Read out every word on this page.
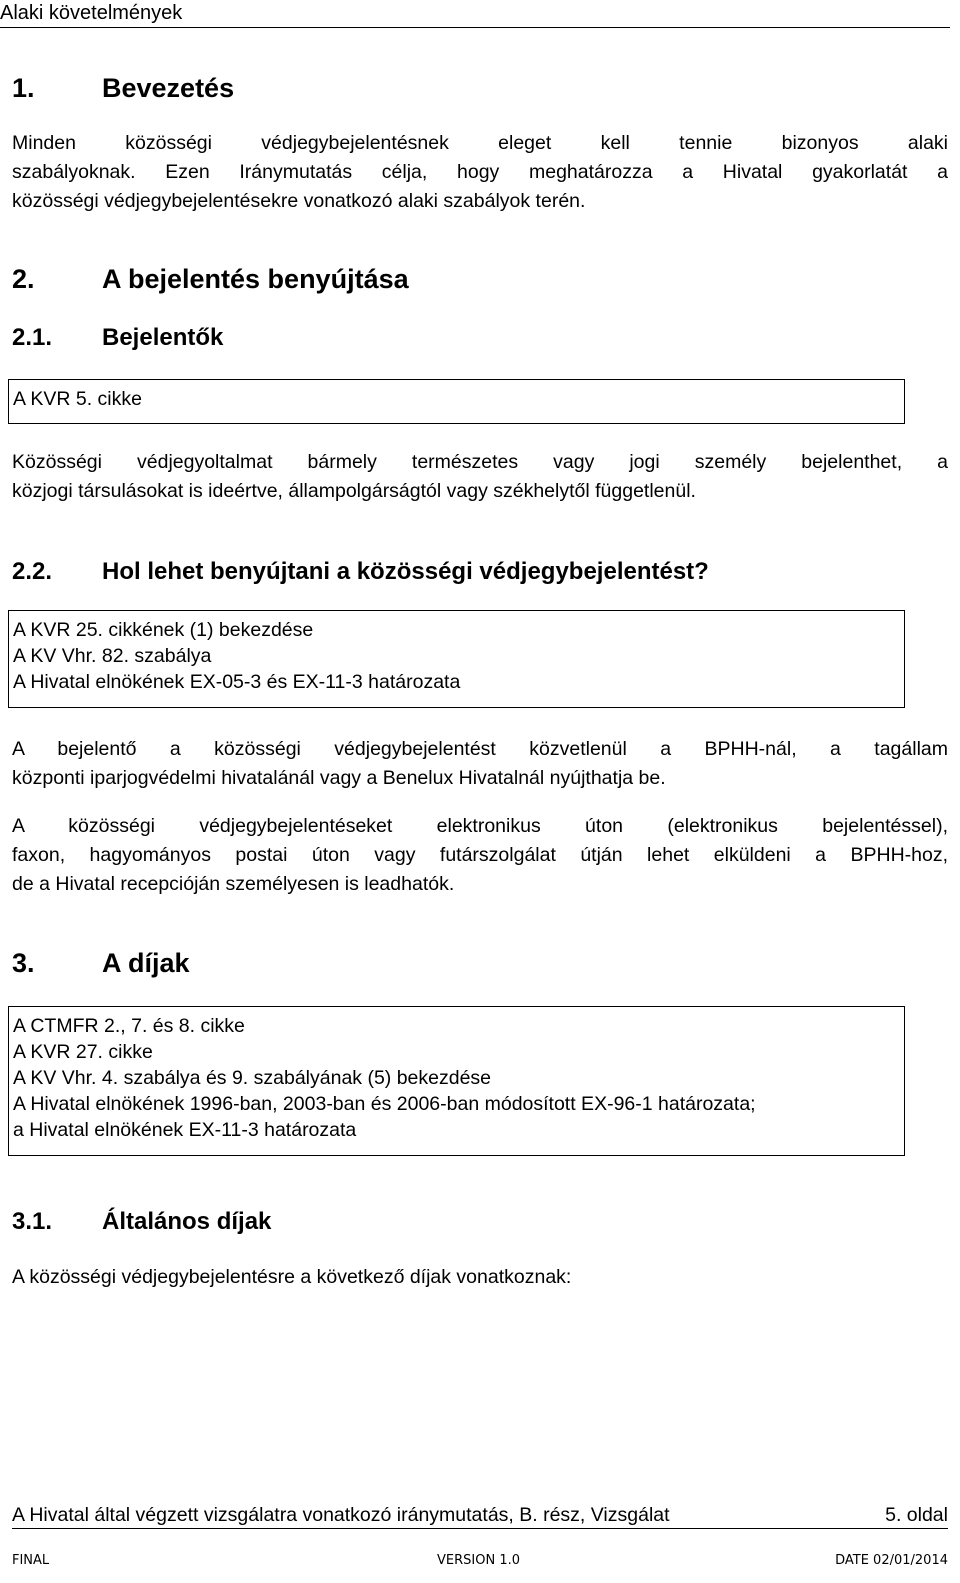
Alaki követelmények
1. Bevezetés
Minden közösségi védjegybejelentésnek eleget kell tennie bizonyos alaki
szabályoknak. Ezen Iránymutatás célja, hogy meghatározza a Hivatal gyakorlatát a
közösségi védjegybejelentésekre vonatkozó alaki szabályok terén.
2. A bejelentés benyújtása
2.1. Bejelentők
A KVR 5. cikke
Közösségi védjegyoltalmat bármely természetes vagy jogi személy bejelenthet, a
közjogi társulásokat is ideértve, állampolgárságtól vagy székhelytől függetlenül.
2.2. Hol lehet benyújtani a közösségi védjegybejelentést?
A KVR 25. cikkének (1) bekezdése
A KV Vhr. 82. szabálya
A Hivatal elnökének EX-05-3 és EX-11-3 határozata
A bejelentő a közösségi védjegybejelentést közvetlenül a BPHH-nál, a tagállam
központi iparjogvédelmi hivatalánál vagy a Benelux Hivatalnál nyújthatja be.
A közösségi védjegybejelentéseket elektronikus úton (elektronikus bejelentéssel),
faxon, hagyományos postai úton vagy futárszolgálat útján lehet elküldeni a BPHH-hoz,
de a Hivatal recepcióján személyesen is leadhatók.
3. A díjak
A CTMFR 2., 7. és 8. cikke
A KVR 27. cikke
A KV Vhr. 4. szabálya és 9. szabályának (5) bekezdése
A Hivatal elnökének 1996-ban, 2003-ban és 2006-ban módosított EX-96-1 határozata;
a Hivatal elnökének EX-11-3 határozata
3.1. Általános díjak
A közösségi védjegybejelentésre a következő díjak vonatkoznak:
A Hivatal által végzett vizsgálatra vonatkozó iránymutatás, B. rész, Vizsgálat	5. oldal
FINAL	VERSION 1.0	DATE 02/01/2014
